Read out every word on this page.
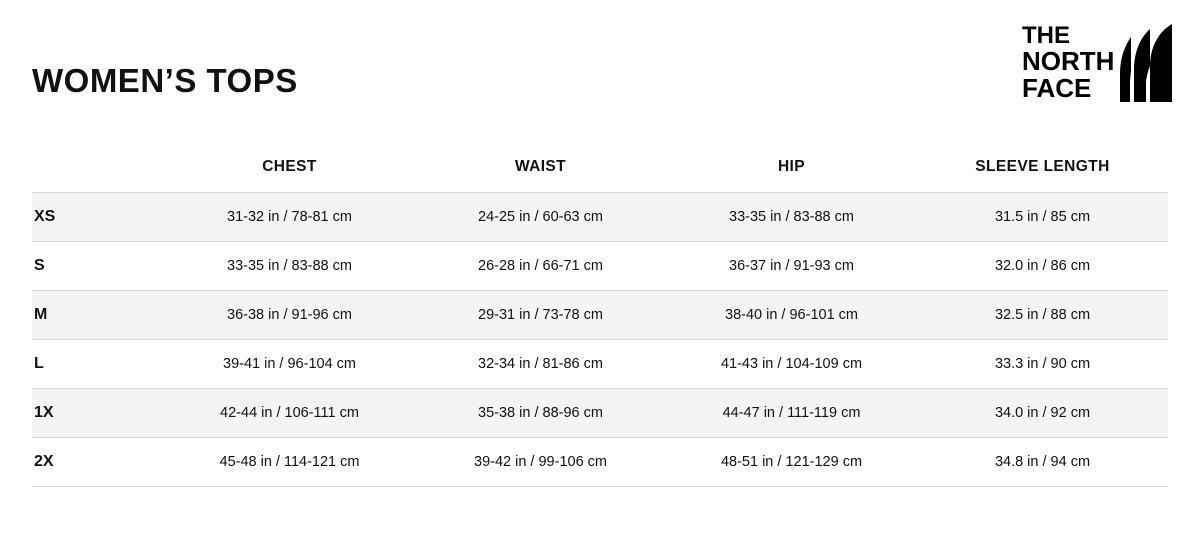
WOMEN’S TOPS
THE
NORTH
FACE
	CHEST	WAIST	HIP	SLEEVE LENGTH
XS	31-32 in / 78-81 cm	24-25 in / 60-63 cm	33-35 in / 83-88 cm	31.5 in / 85 cm
S	33-35 in / 83-88 cm	26-28 in / 66-71 cm	36-37 in / 91-93 cm	32.0 in / 86 cm
M	36-38 in / 91-96 cm	29-31 in / 73-78 cm	38-40 in / 96-101 cm	32.5 in / 88 cm
L	39-41 in / 96-104 cm	32-34 in / 81-86 cm	41-43 in / 104-109 cm	33.3 in / 90 cm
1X	42-44 in / 106-111 cm	35-38 in / 88-96 cm	44-47 in / 111-119 cm	34.0 in / 92 cm
2X	45-48 in / 114-121 cm	39-42 in / 99-106 cm	48-51 in / 121-129 cm	34.8 in / 94 cm
